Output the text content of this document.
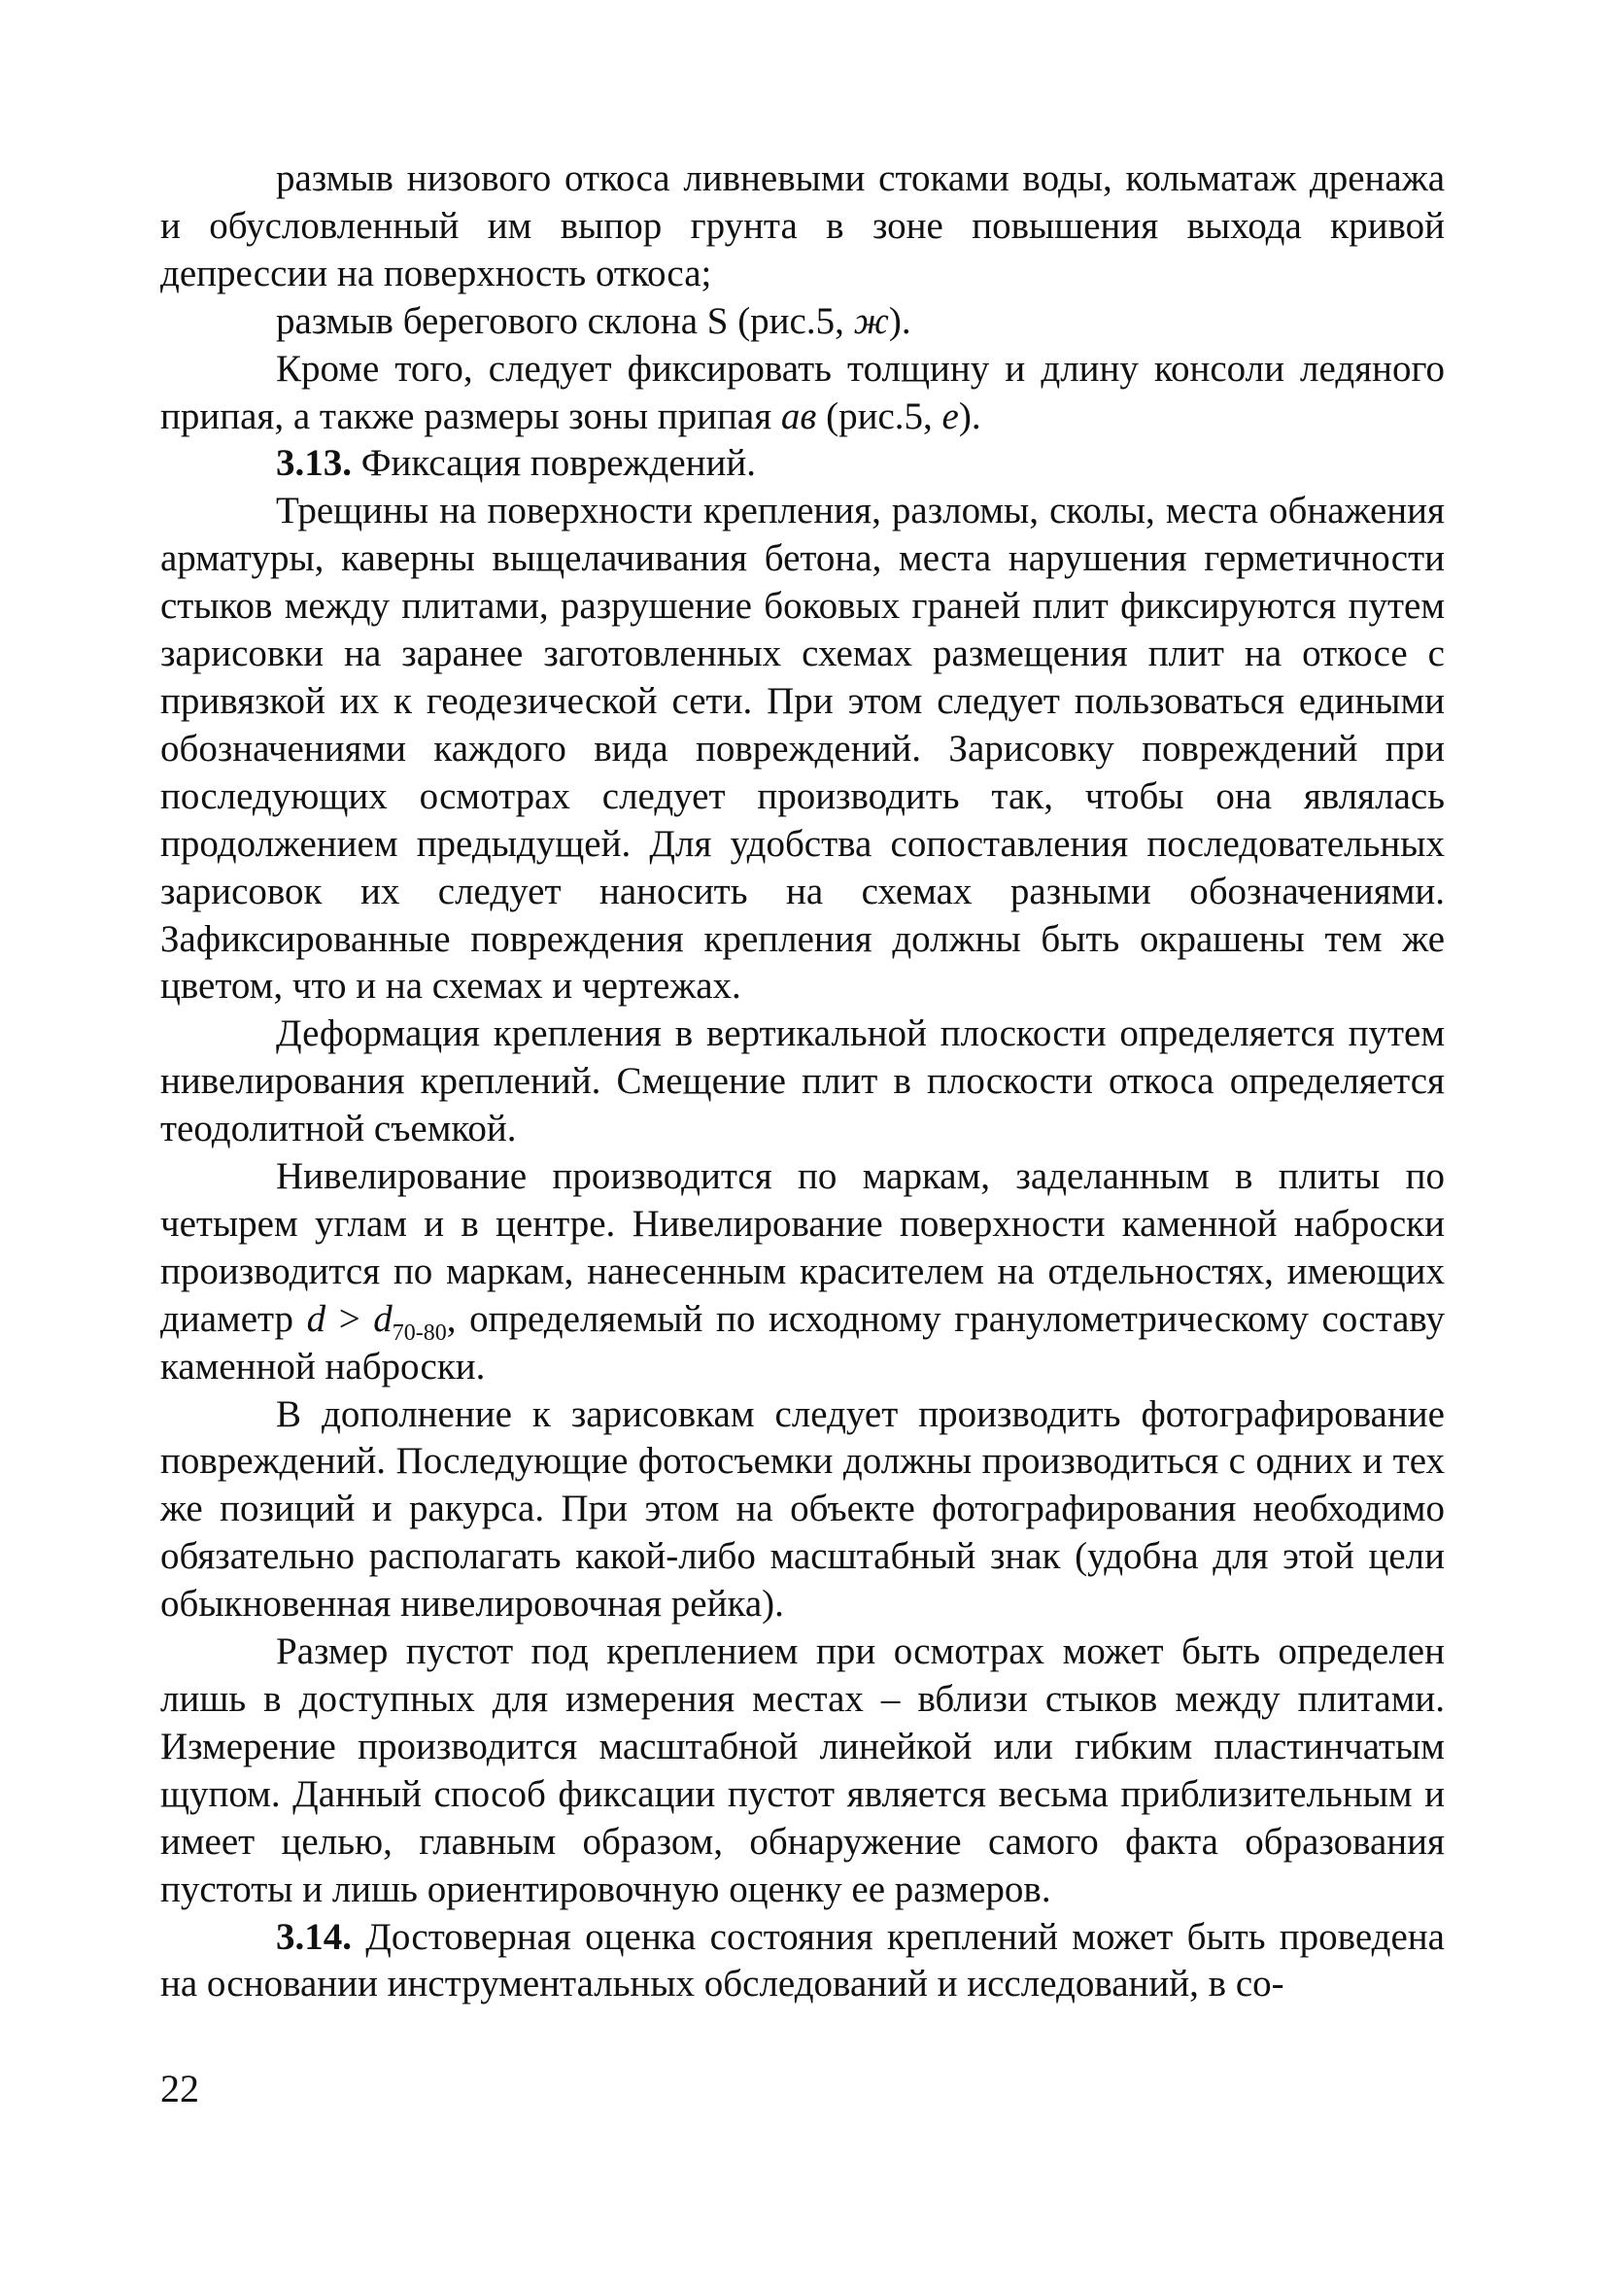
размыв низового откоса ливневыми стоками воды, кольматаж дренажа и обусловленный им выпор грунта в зоне повышения выхода кривой депрессии на поверхность откоса;

размыв берегового склона S (рис.5, ж).

Кроме того, следует фиксировать толщину и длину консоли ледяного припая, а также размеры зоны припая ав (рис.5, е).

3.13. Фиксация повреждений.

Трещины на поверхности крепления, разломы, сколы, места обнажения арматуры, каверны выщелачивания бетона, места нарушения герметичности стыков между плитами, разрушение боковых граней плит фиксируются путем зарисовки на заранее заготовленных схемах размещения плит на откосе с привязкой их к геодезической сети. При этом следует пользоваться едиными обозначениями каждого вида повреждений. Зарисовку повреждений при последующих осмотрах следует производить так, чтобы она являлась продолжением предыдущей. Для удобства сопоставления последовательных зарисовок их следует наносить на схемах разными обозначениями. Зафиксированные повреждения крепления должны быть окрашены тем же цветом, что и на схемах и чертежах.

Деформация крепления в вертикальной плоскости определяется путем нивелирования креплений. Смещение плит в плоскости откоса определяется теодолитной съемкой.

Нивелирование производится по маркам, заделанным в плиты по четырем углам и в центре. Нивелирование поверхности каменной наброски производится по маркам, нанесенным красителем на отдельностях, имеющих диаметр $d > d_{70-80}$, определяемый по исходному гранулометрическому составу каменной наброски.

В дополнение к зарисовкам следует производить фотографирование повреждений. Последующие фотосъемки должны производиться с одних и тех же позиций и ракурса. При этом на объекте фотографирования необходимо обязательно располагать какой-либо масштабный знак (удобна для этой цели обыкновенная нивелировочная рейка).

Размер пустот под креплением при осмотрах может быть определен лишь в доступных для измерения местах – вблизи стыков между плитами. Измерение производится масштабной линейкой или гибким пластинчатым щупом. Данный способ фиксации пустот является весьма приблизительным и имеет целью, главным образом, обнаружение самого факта образования пустоты и лишь ориентировочную оценку ее размеров.

3.14. Достоверная оценка состояния креплений может быть проведена на основании инструментальных обследований и исследований, в со-

22
